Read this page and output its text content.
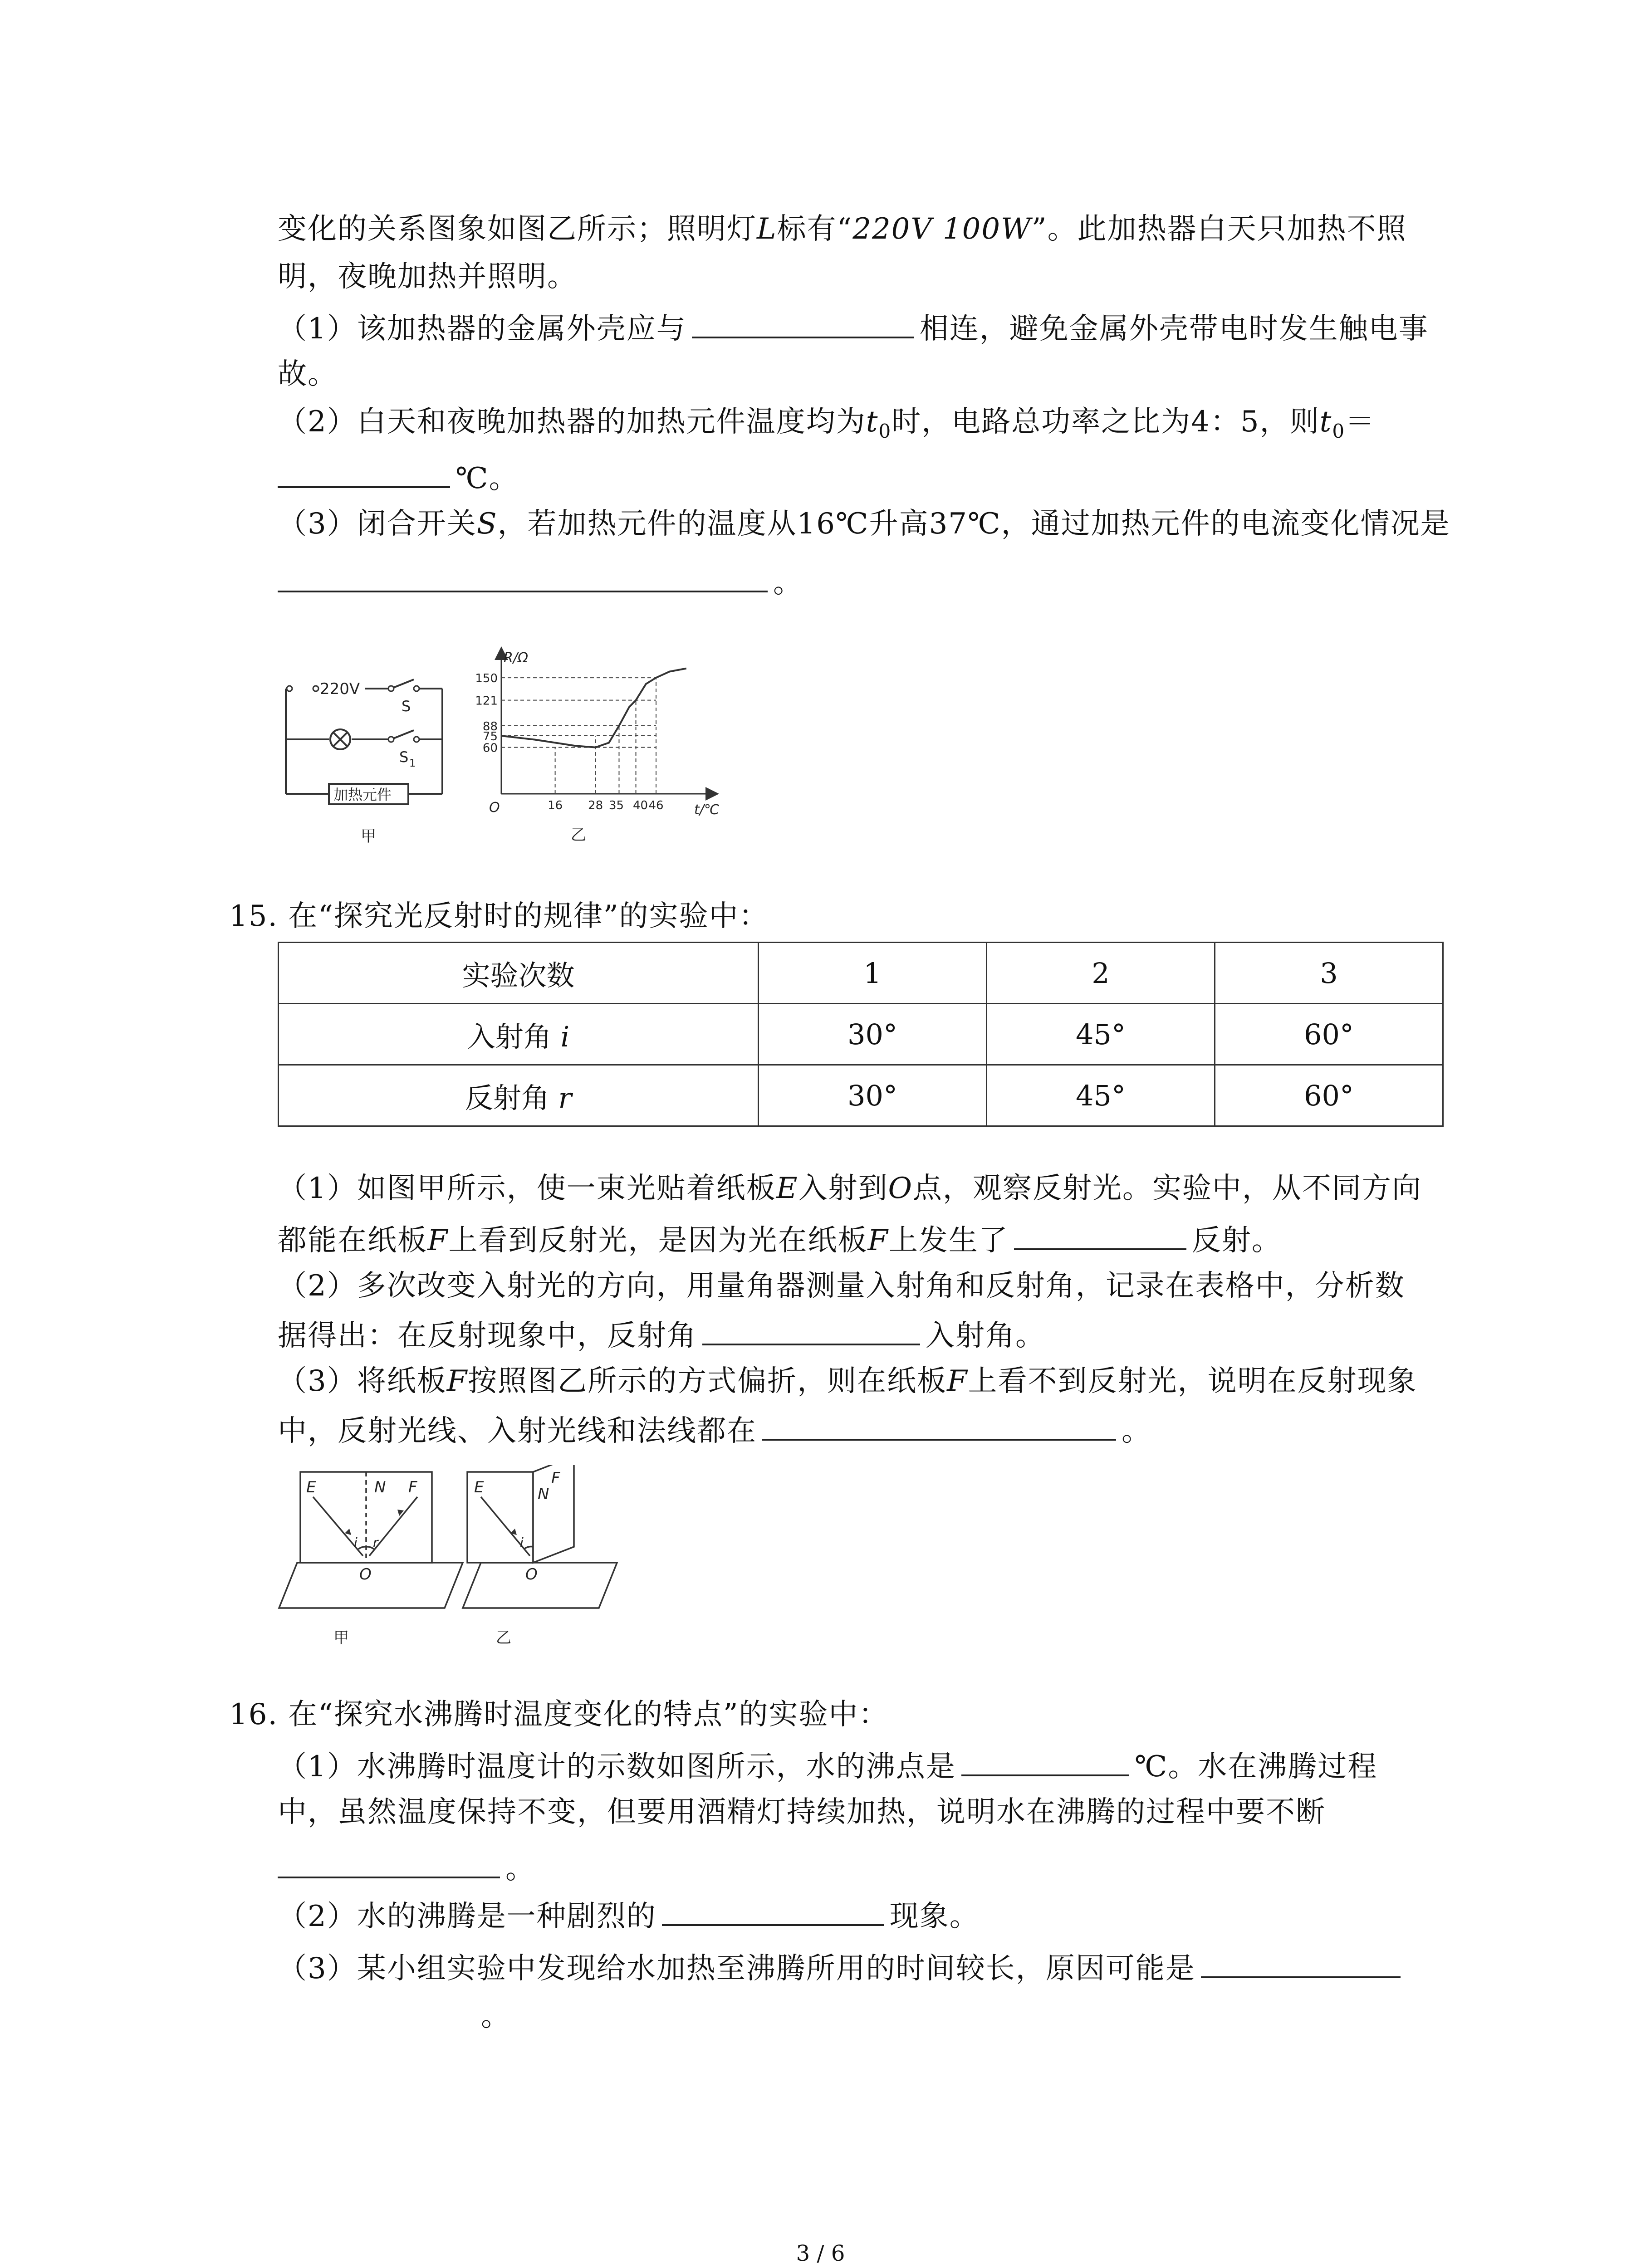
变化的关系图象如图乙所示；照明灯L标有“220V 100W”。此加热器白天只加热不照
明，夜晚加热并照明。
（1）该加热器的金属外壳应与	相连，避免金属外壳带电时发生触电事
故。
（2）白天和夜晚加热器的加热元件温度均为$t_0$时，电路总功率之比为4：5，则$t_0=$
℃。
（3）闭合开关S，若加热元件的温度从16℃升高37℃，通过加热元件的电流变化情况是
。
220V
S
S 1
加热元件
甲
60
75
88
121
150
16 28 35 40 46
R/Ω
t/℃
O
乙
15. 在“探究光反射时的规律”的实验中：
实验次数	1	2	3
入射角 i	30°	45°	60°
反射角 r	30°	45°	60°
（1）如图甲所示，使一束光贴着纸板E入射到O点，观察反射光。实验中，从不同方向
都能在纸板F上看到反射光，是因为光在纸板F上发生了	反射。
（2）多次改变入射光的方向，用量角器测量入射角和反射角，记录在表格中，分析数
据得出：在反射现象中，反射角	入射角。
（3）将纸板F按照图乙所示的方式偏折，则在纸板F上看不到反射光，说明在反射现象
中，反射光线、入射光线和法线都在	。
E	N F
i r
O
甲
E	N
F
i
O
乙
16. 在“探究水沸腾时温度变化的特点”的实验中：
（1）水沸腾时温度计的示数如图所示，水的沸点是	℃。水在沸腾过程
中，虽然温度保持不变，但要用酒精灯持续加热，说明水在沸腾的过程中要不断
。
（2）水的沸腾是一种剧烈的	现象。
（3）某小组实验中发现给水加热至沸腾所用的时间较长，原因可能是
。
3 / 6
